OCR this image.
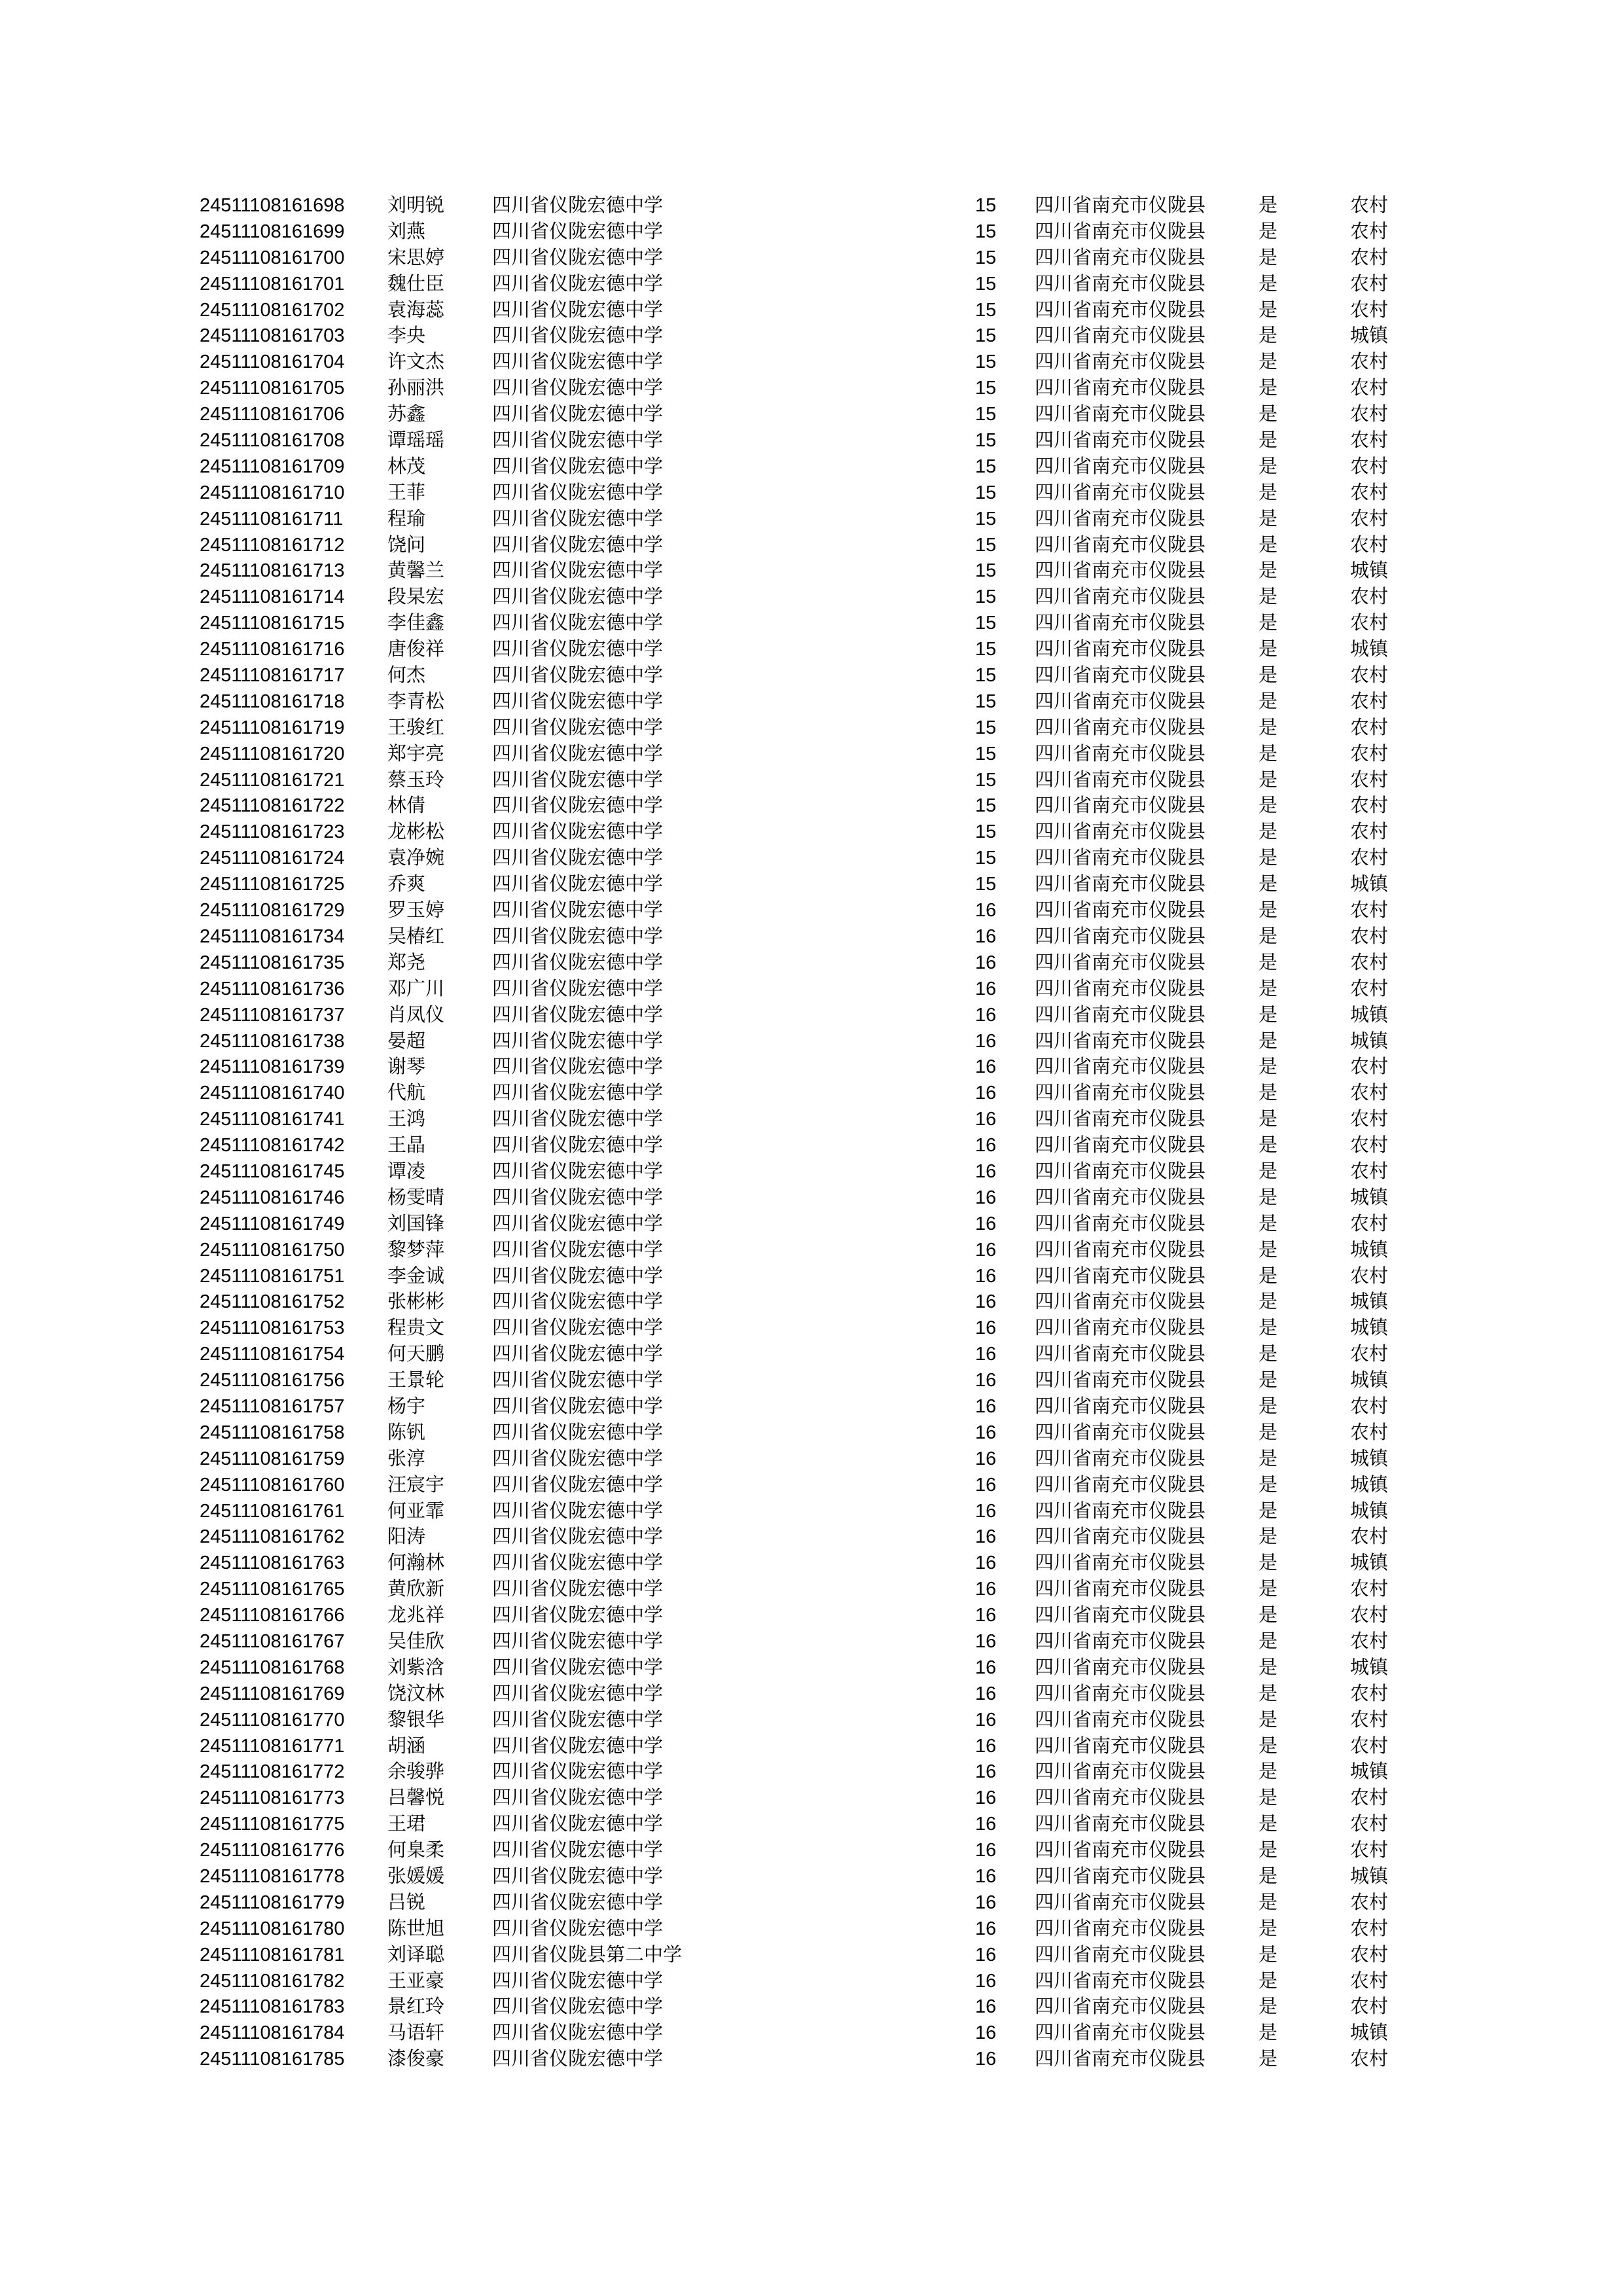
24511108161698 刘明锐	四川省仪陇宏德中学	15 四川省南充市仪陇县	是	农村
24511108161699 刘燕	四川省仪陇宏德中学	15 四川省南充市仪陇县	是	农村
24511108161700 宋思婷	四川省仪陇宏德中学	15 四川省南充市仪陇县	是	农村
24511108161701 魏仕臣	四川省仪陇宏德中学	15 四川省南充市仪陇县	是	农村
24511108161702 袁海蕊	四川省仪陇宏德中学	15 四川省南充市仪陇县	是	农村
24511108161703 李央	四川省仪陇宏德中学	15 四川省南充市仪陇县	是	城镇
24511108161704 许文杰	四川省仪陇宏德中学	15 四川省南充市仪陇县	是	农村
24511108161705 孙丽洪	四川省仪陇宏德中学	15 四川省南充市仪陇县	是	农村
24511108161706 苏鑫	四川省仪陇宏德中学	15 四川省南充市仪陇县	是	农村
24511108161708 谭瑶瑶	四川省仪陇宏德中学	15 四川省南充市仪陇县	是	农村
24511108161709 林茂	四川省仪陇宏德中学	15 四川省南充市仪陇县	是	农村
24511108161710 王菲	四川省仪陇宏德中学	15 四川省南充市仪陇县	是	农村
24511108161711 程瑜	四川省仪陇宏德中学	15 四川省南充市仪陇县	是	农村
24511108161712 饶问	四川省仪陇宏德中学	15 四川省南充市仪陇县	是	农村
24511108161713 黄馨兰	四川省仪陇宏德中学	15 四川省南充市仪陇县	是	城镇
24511108161714 段杲宏	四川省仪陇宏德中学	15 四川省南充市仪陇县	是	农村
24511108161715 李佳鑫	四川省仪陇宏德中学	15 四川省南充市仪陇县	是	农村
24511108161716 唐俊祥	四川省仪陇宏德中学	15 四川省南充市仪陇县	是	城镇
24511108161717 何杰	四川省仪陇宏德中学	15 四川省南充市仪陇县	是	农村
24511108161718 李青松	四川省仪陇宏德中学	15 四川省南充市仪陇县	是	农村
24511108161719 王骏红	四川省仪陇宏德中学	15 四川省南充市仪陇县	是	农村
24511108161720 郑宇亮	四川省仪陇宏德中学	15 四川省南充市仪陇县	是	农村
24511108161721 蔡玉玲	四川省仪陇宏德中学	15 四川省南充市仪陇县	是	农村
24511108161722 林倩	四川省仪陇宏德中学	15 四川省南充市仪陇县	是	农村
24511108161723 龙彬松	四川省仪陇宏德中学	15 四川省南充市仪陇县	是	农村
24511108161724 袁净婉	四川省仪陇宏德中学	15 四川省南充市仪陇县	是	农村
24511108161725 乔爽	四川省仪陇宏德中学	15 四川省南充市仪陇县	是	城镇
24511108161729 罗玉婷	四川省仪陇宏德中学	16 四川省南充市仪陇县	是	农村
24511108161734 吴椿红	四川省仪陇宏德中学	16 四川省南充市仪陇县	是	农村
24511108161735 郑尧	四川省仪陇宏德中学	16 四川省南充市仪陇县	是	农村
24511108161736 邓广川	四川省仪陇宏德中学	16 四川省南充市仪陇县	是	农村
24511108161737 肖凤仪	四川省仪陇宏德中学	16 四川省南充市仪陇县	是	城镇
24511108161738 晏超	四川省仪陇宏德中学	16 四川省南充市仪陇县	是	城镇
24511108161739 谢琴	四川省仪陇宏德中学	16 四川省南充市仪陇县	是	农村
24511108161740 代航	四川省仪陇宏德中学	16 四川省南充市仪陇县	是	农村
24511108161741 王鸿	四川省仪陇宏德中学	16 四川省南充市仪陇县	是	农村
24511108161742 王晶	四川省仪陇宏德中学	16 四川省南充市仪陇县	是	农村
24511108161745 谭凌	四川省仪陇宏德中学	16 四川省南充市仪陇县	是	农村
24511108161746 杨雯晴	四川省仪陇宏德中学	16 四川省南充市仪陇县	是	城镇
24511108161749 刘国锋	四川省仪陇宏德中学	16 四川省南充市仪陇县	是	农村
24511108161750 黎梦萍	四川省仪陇宏德中学	16 四川省南充市仪陇县	是	城镇
24511108161751 李金诚	四川省仪陇宏德中学	16 四川省南充市仪陇县	是	农村
24511108161752 张彬彬	四川省仪陇宏德中学	16 四川省南充市仪陇县	是	城镇
24511108161753 程贵文	四川省仪陇宏德中学	16 四川省南充市仪陇县	是	城镇
24511108161754 何天鹏	四川省仪陇宏德中学	16 四川省南充市仪陇县	是	农村
24511108161756 王景轮	四川省仪陇宏德中学	16 四川省南充市仪陇县	是	城镇
24511108161757 杨宇	四川省仪陇宏德中学	16 四川省南充市仪陇县	是	农村
24511108161758 陈钒	四川省仪陇宏德中学	16 四川省南充市仪陇县	是	农村
24511108161759 张淳	四川省仪陇宏德中学	16 四川省南充市仪陇县	是	城镇
24511108161760 汪宸宇	四川省仪陇宏德中学	16 四川省南充市仪陇县	是	城镇
24511108161761 何亚霏	四川省仪陇宏德中学	16 四川省南充市仪陇县	是	城镇
24511108161762 阳涛	四川省仪陇宏德中学	16 四川省南充市仪陇县	是	农村
24511108161763 何瀚林	四川省仪陇宏德中学	16 四川省南充市仪陇县	是	城镇
24511108161765 黄欣新	四川省仪陇宏德中学	16 四川省南充市仪陇县	是	农村
24511108161766 龙兆祥	四川省仪陇宏德中学	16 四川省南充市仪陇县	是	农村
24511108161767 吴佳欣	四川省仪陇宏德中学	16 四川省南充市仪陇县	是	农村
24511108161768 刘紫浛	四川省仪陇宏德中学	16 四川省南充市仪陇县	是	城镇
24511108161769 饶汶林	四川省仪陇宏德中学	16 四川省南充市仪陇县	是	农村
24511108161770 黎银华	四川省仪陇宏德中学	16 四川省南充市仪陇县	是	农村
24511108161771 胡涵	四川省仪陇宏德中学	16 四川省南充市仪陇县	是	农村
24511108161772 余骏骅	四川省仪陇宏德中学	16 四川省南充市仪陇县	是	城镇
24511108161773 吕馨悦	四川省仪陇宏德中学	16 四川省南充市仪陇县	是	农村
24511108161775 王珺	四川省仪陇宏德中学	16 四川省南充市仪陇县	是	农村
24511108161776 何臬柔	四川省仪陇宏德中学	16 四川省南充市仪陇县	是	农村
24511108161778 张媛媛	四川省仪陇宏德中学	16 四川省南充市仪陇县	是	城镇
24511108161779 吕锐	四川省仪陇宏德中学	16 四川省南充市仪陇县	是	农村
24511108161780 陈世旭	四川省仪陇宏德中学	16 四川省南充市仪陇县	是	农村
24511108161781 刘译聪	四川省仪陇县第二中学	16 四川省南充市仪陇县	是	农村
24511108161782 王亚豪	四川省仪陇宏德中学	16 四川省南充市仪陇县	是	农村
24511108161783 景红玲	四川省仪陇宏德中学	16 四川省南充市仪陇县	是	农村
24511108161784 马语轩	四川省仪陇宏德中学	16 四川省南充市仪陇县	是	城镇
24511108161785 漆俊豪	四川省仪陇宏德中学	16 四川省南充市仪陇县	是	农村
